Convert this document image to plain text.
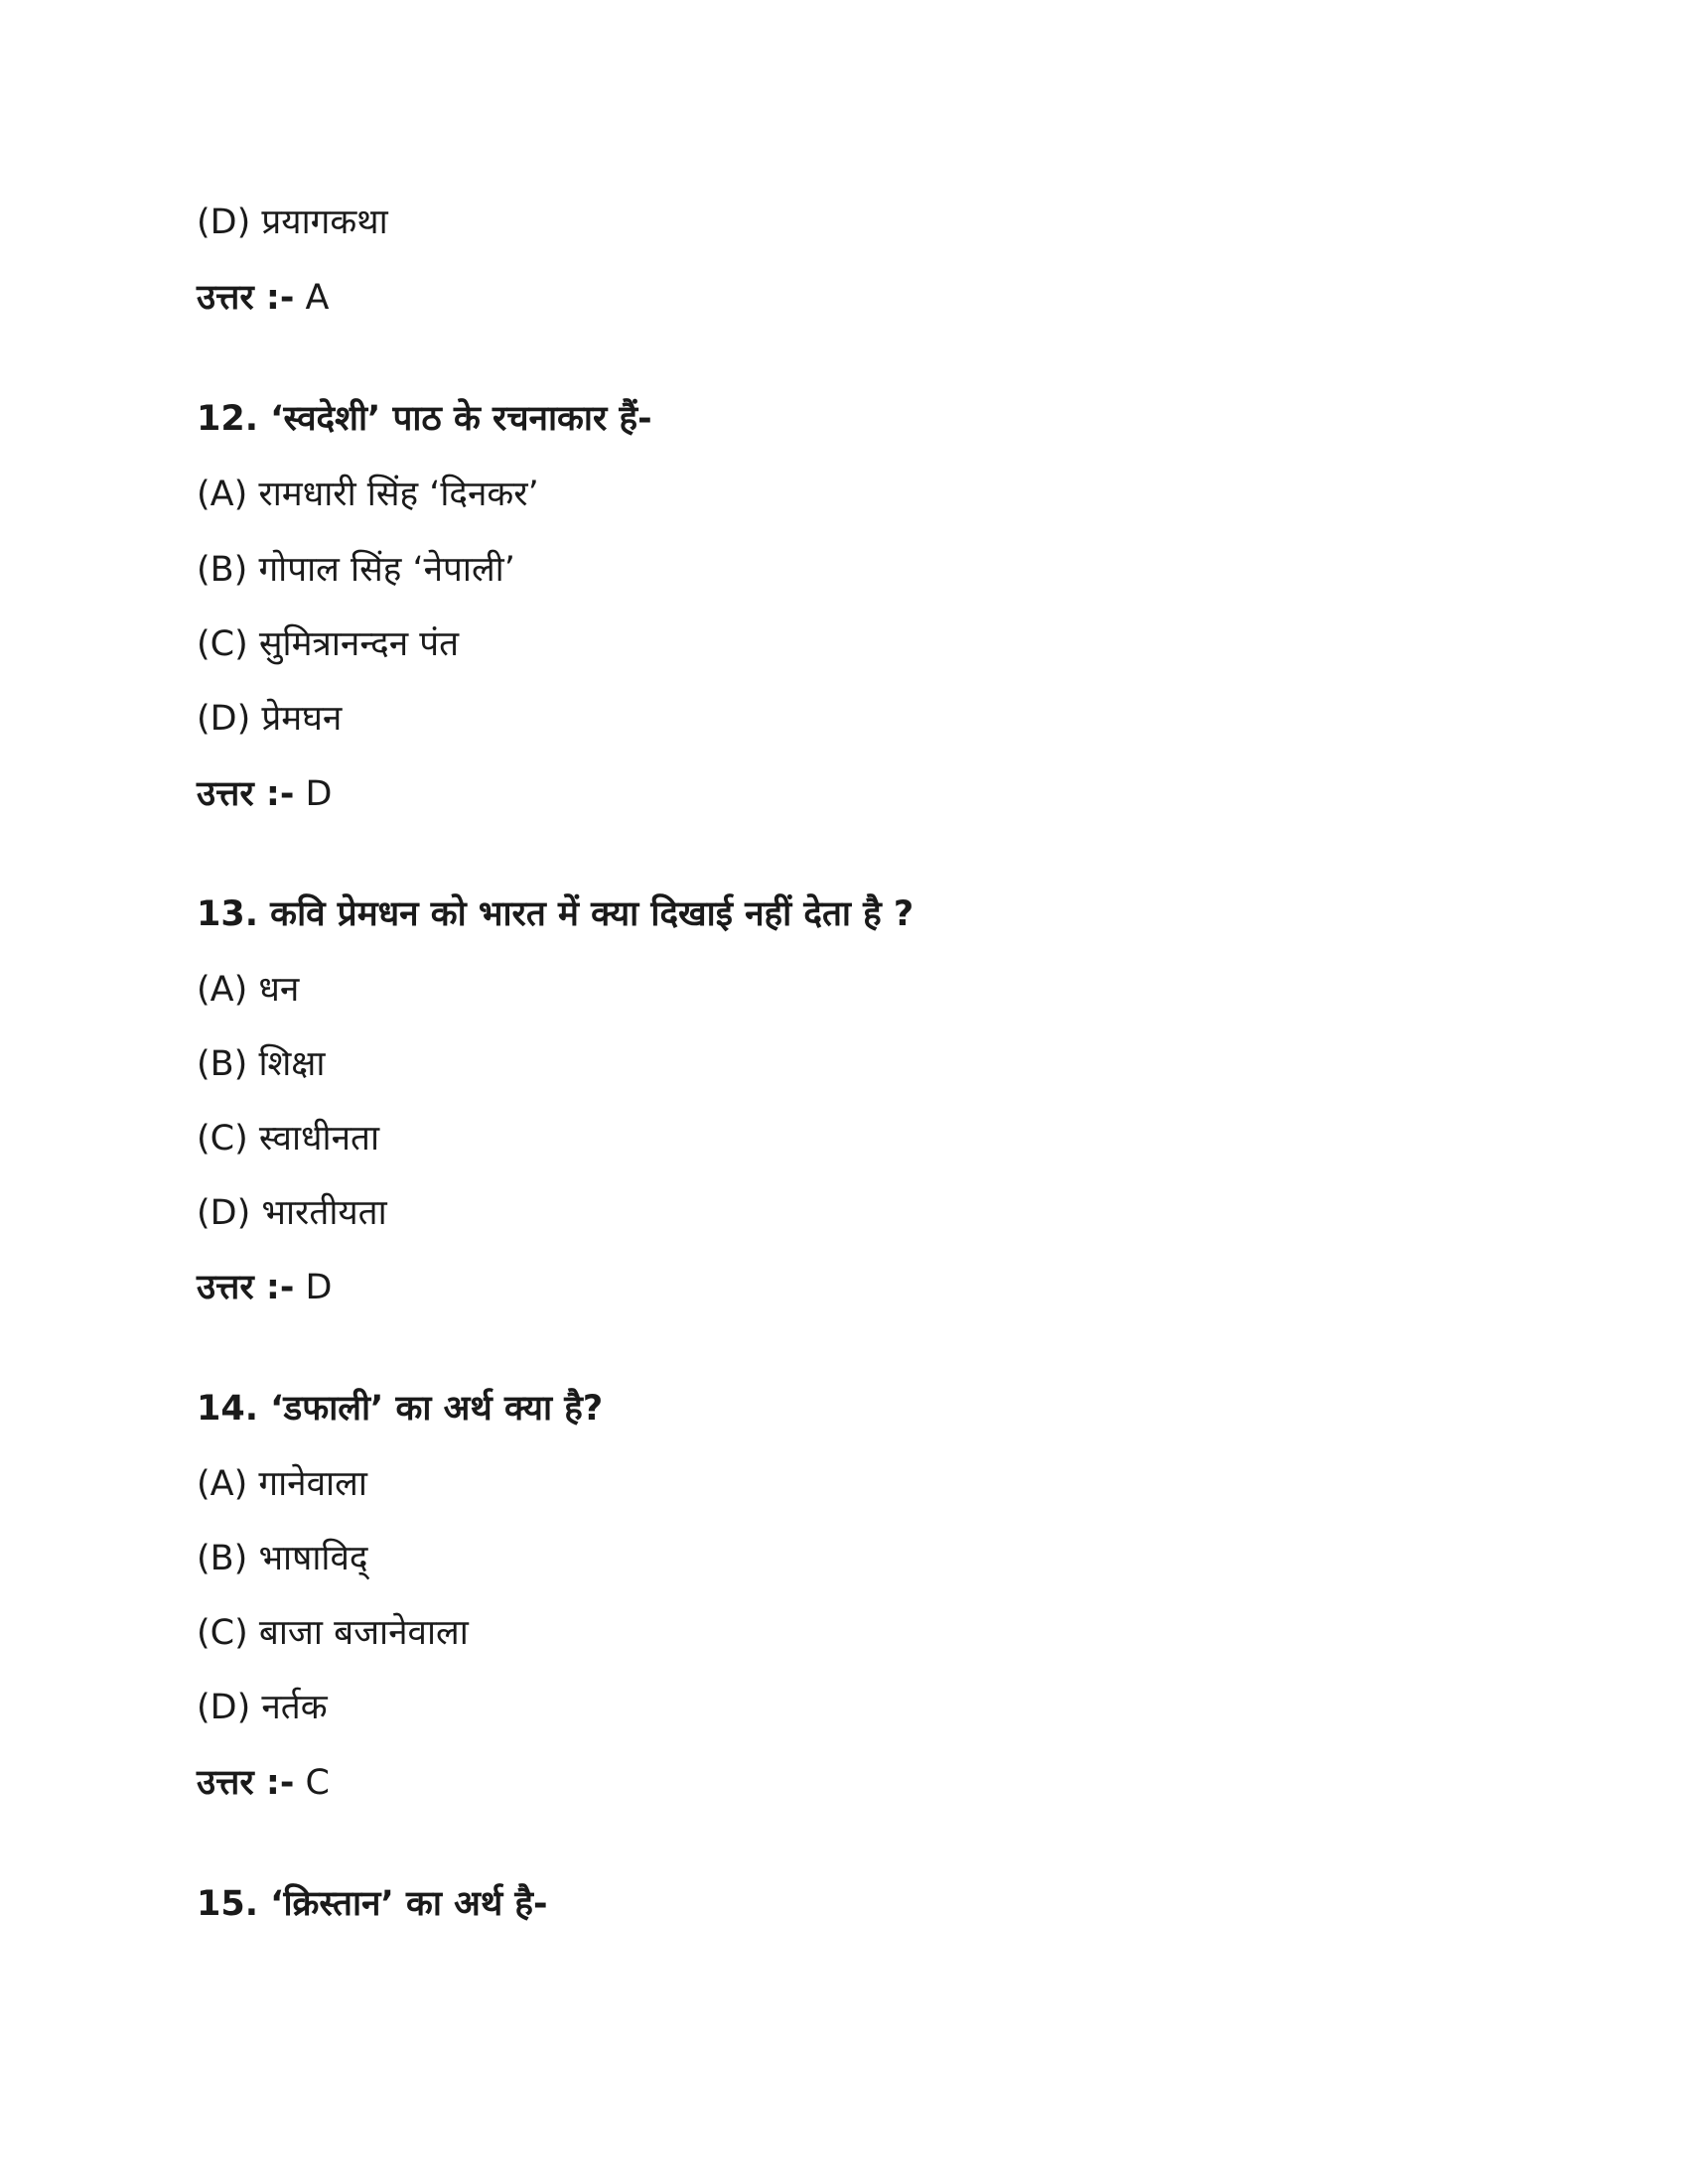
(D) प्रयागकथा
उत्तर :- A
12. ‘स्वदेशी’ पाठ के रचनाकार हैं-
(A) रामधारी सिंह ‘दिनकर’
(B) गोपाल सिंह ‘नेपाली’
(C) सुमित्रानन्दन पंत
(D) प्रेमघन
उत्तर :- D
13. कवि प्रेमधन को भारत में क्या दिखाई नहीं देता है ?
(A) धन
(B) शिक्षा
(C) स्वाधीनता
(D) भारतीयता
उत्तर :- D
14. ‘डफाली’ का अर्थ क्या है?
(A) गानेवाला
(B) भाषाविद्
(C) बाजा बजानेवाला
(D) नर्तक
उत्तर :- C
15. ‘क्रिस्तान’ का अर्थ है-
